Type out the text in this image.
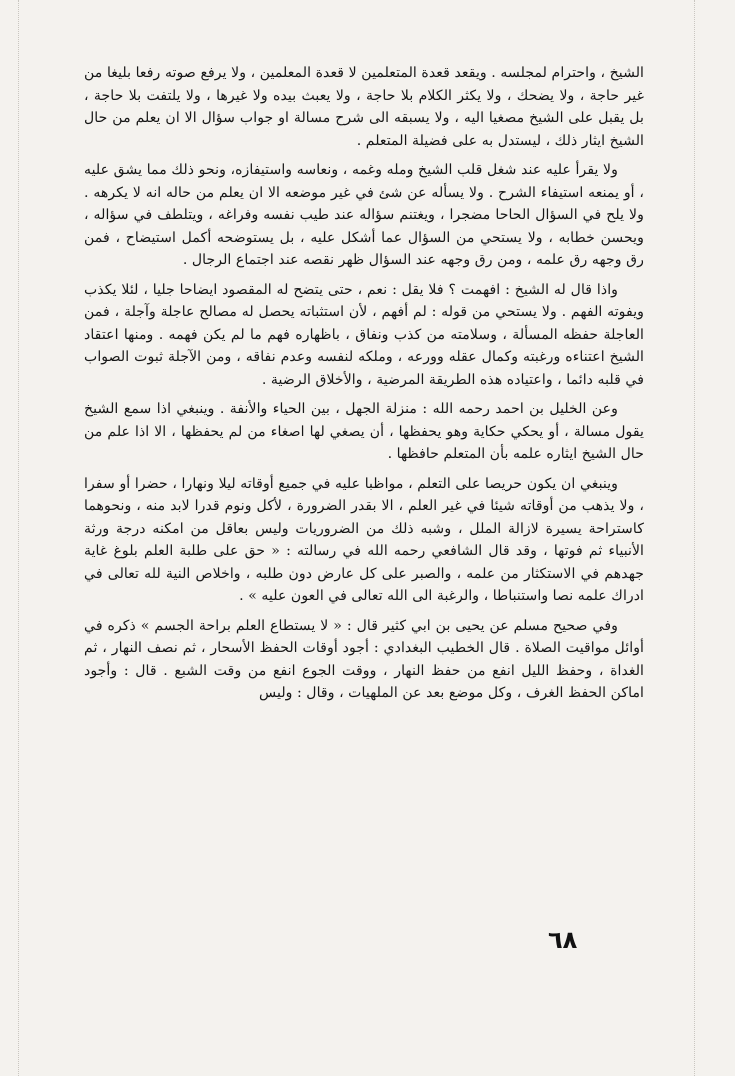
الشيخ ، واحترام لمجلسه . ويقعد قعدة المتعلمين لا قعدة المعلمين ، ولا يرفع صوته رفعا بليغا من غير حاجة ، ولا يضحك ، ولا يكثر الكلام بلا حاجة ، ولا يعبث بيده ولا غيرها ، ولا يلتفت بلا حاجة ، بل يقبل على الشيخ مصغيا اليه ، ولا يسبقه الى شرح مسالة او جواب سؤال الا ان يعلم من حال الشيخ ايثار ذلك ، ليستدل به على فضيلة المتعلم .

ولا يقرأ عليه عند شغل قلب الشيخ ومله وغمه ، ونعاسه واستيفازه، ونحو ذلك مما يشق عليه ، أو يمنعه استيفاء الشرح . ولا يسأله عن شئ في غير موضعه الا ان يعلم من حاله انه لا يكرهه . ولا يلح في السؤال الحاحا مضجرا ، ويغتنم سؤاله عند طيب نفسه وفراغه ، ويتلطف في سؤاله ، ويحسن خطابه ، ولا يستحي من السؤال عما أشكل عليه ، بل يستوضحه أكمل استيضاح ، فمن رق وجهه رق علمه ، ومن رق وجهه عند السؤال ظهر نقصه عند اجتماع الرجال .

واذا قال له الشيخ : افهمت ؟ فلا يقل : نعم ، حتى يتضح له المقصود ايضاحا جليا ، لئلا يكذب ويفوته الفهم . ولا يستحي من قوله : لم أفهم ، لأن استثباته يحصل له مصالح عاجلة وآجلة ، فمن العاجلة حفظه المسألة ، وسلامته من كذب ونفاق ، باظهاره فهم ما لم يكن فهمه . ومنها اعتقاد الشيخ اعتناءه ورغبته وكمال عقله وورعه ، وملكه لنفسه وعدم نفاقه ، ومن الآجلة ثبوت الصواب في قلبه دائما ، واعتياده هذه الطريقة المرضية ، والأخلاق الرضية .

وعن الخليل بن احمد رحمه الله : منزلة الجهل ، بين الحياء والأنفة . وينبغي اذا سمع الشيخ يقول مسالة ، أو يحكي حكاية وهو يحفظها ، أن يصغي لها اصغاء من لم يحفظها ، الا اذا علم من حال الشيخ ايثاره علمه بأن المتعلم حافظها .

وينبغي ان يكون حريصا على التعلم ، مواظبا عليه في جميع أوقاته ليلا ونهارا ، حضرا أو سفرا ، ولا يذهب من أوقاته شيئا في غير العلم ، الا بقدر الضرورة ، لأكل ونوم قدرا لابد منه ، ونحوهما كاستراحة يسيرة لازالة الملل ، وشبه ذلك من الضروريات وليس بعاقل من امكنه درجة ورثة الأنبياء ثم فوتها ، وقد قال الشافعي رحمه الله في رسالته : « حق على طلبة العلم بلوغ غاية جهدهم في الاستكثار من علمه ، والصبر على كل عارض دون طلبه ، واخلاص النية لله تعالى في ادراك علمه نصا واستنباطا ، والرغبة الى الله تعالى في العون عليه » .

وفي صحيح مسلم عن يحيى بن ابي كثير قال : « لا يستطاع العلم براحة الجسم » ذكره في أوائل مواقيت الصلاة . قال الخطيب البغدادي : أجود أوقات الحفظ الأسحار ، ثم نصف النهار ، ثم الغداة ، وحفظ الليل انفع من حفظ النهار ، ووقت الجوع انفع من وقت الشبع . قال : وأجود اماكن الحفظ الغرف ، وكل موضع بعد عن الملهيات ، وقال : وليس

٦٨
